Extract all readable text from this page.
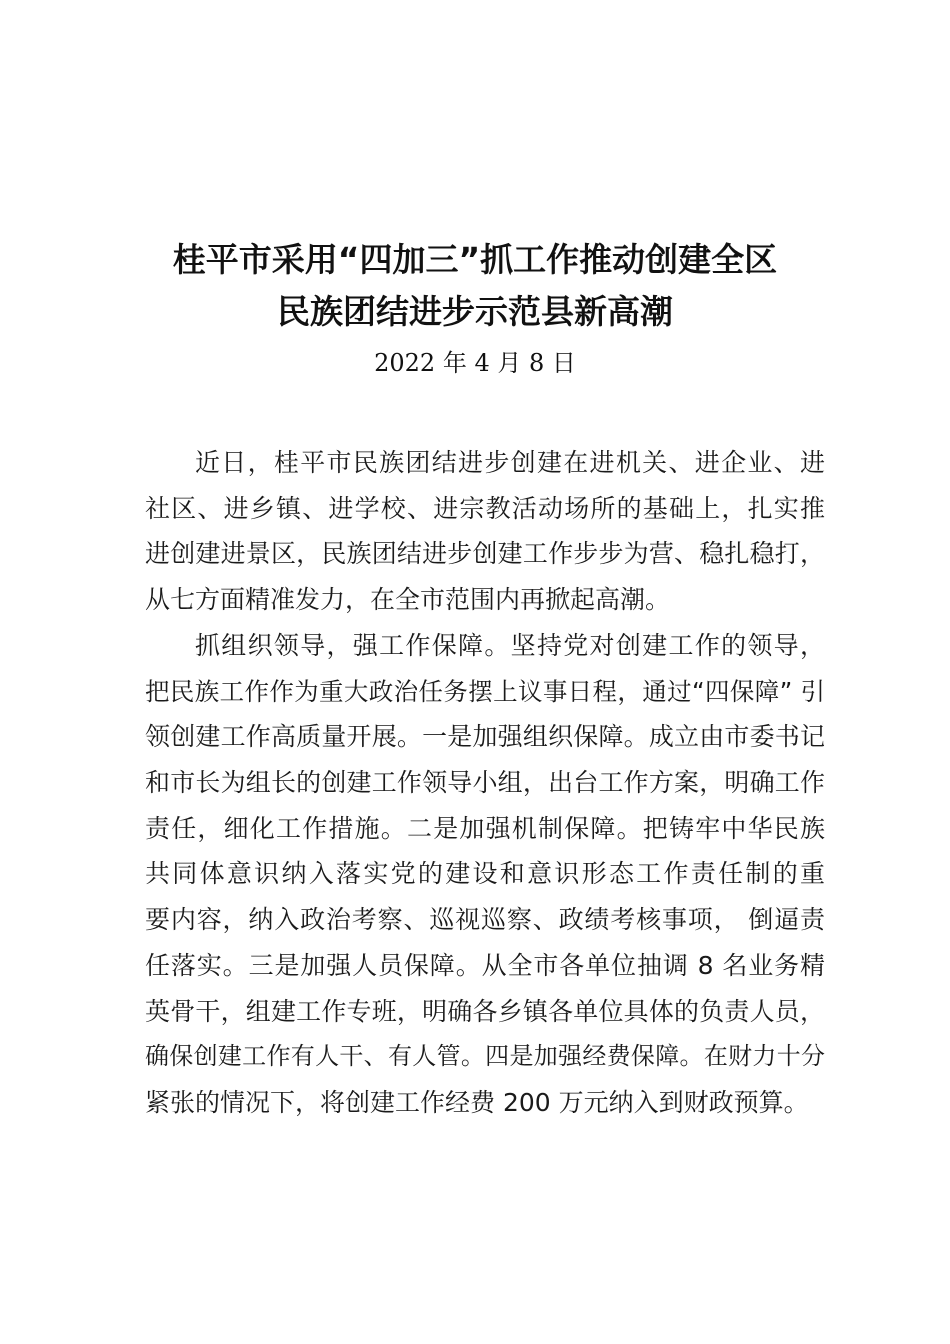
桂平市采用“四加三”抓工作推动创建全区
民族团结进步示范县新高潮
2022 年 4 月 8 日
近日，桂平市民族团结进步创建在进机关、进企业、进
社区、进乡镇、进学校、进宗教活动场所的基础上，扎实推
进创建进景区，民族团结进步创建工作步步为营、稳扎稳打，
从七方面精准发力，在全市范围内再掀起高潮。
抓组织领导，强工作保障。坚持党对创建工作的领导，
把民族工作作为重大政治任务摆上议事日程，通过“四保障” 引
领创建工作高质量开展。一是加强组织保障。成立由市委书记
和市长为组长的创建工作领导小组，出台工作方案，明确工作
责任，细化工作措施。二是加强机制保障。把铸牢中华民族
共同体意识纳入落实党的建设和意识形态工作责任制的重
要内容，纳入政治考察、巡视巡察、政绩考核事项， 倒逼责
任落实。三是加强人员保障。从全市各单位抽调 8 名业务精
英骨干，组建工作专班，明确各乡镇各单位具体的负责人员，
确保创建工作有人干、有人管。四是加强经费保障。在财力十分
紧张的情况下，将创建工作经费 200 万元纳入到财政预算。
